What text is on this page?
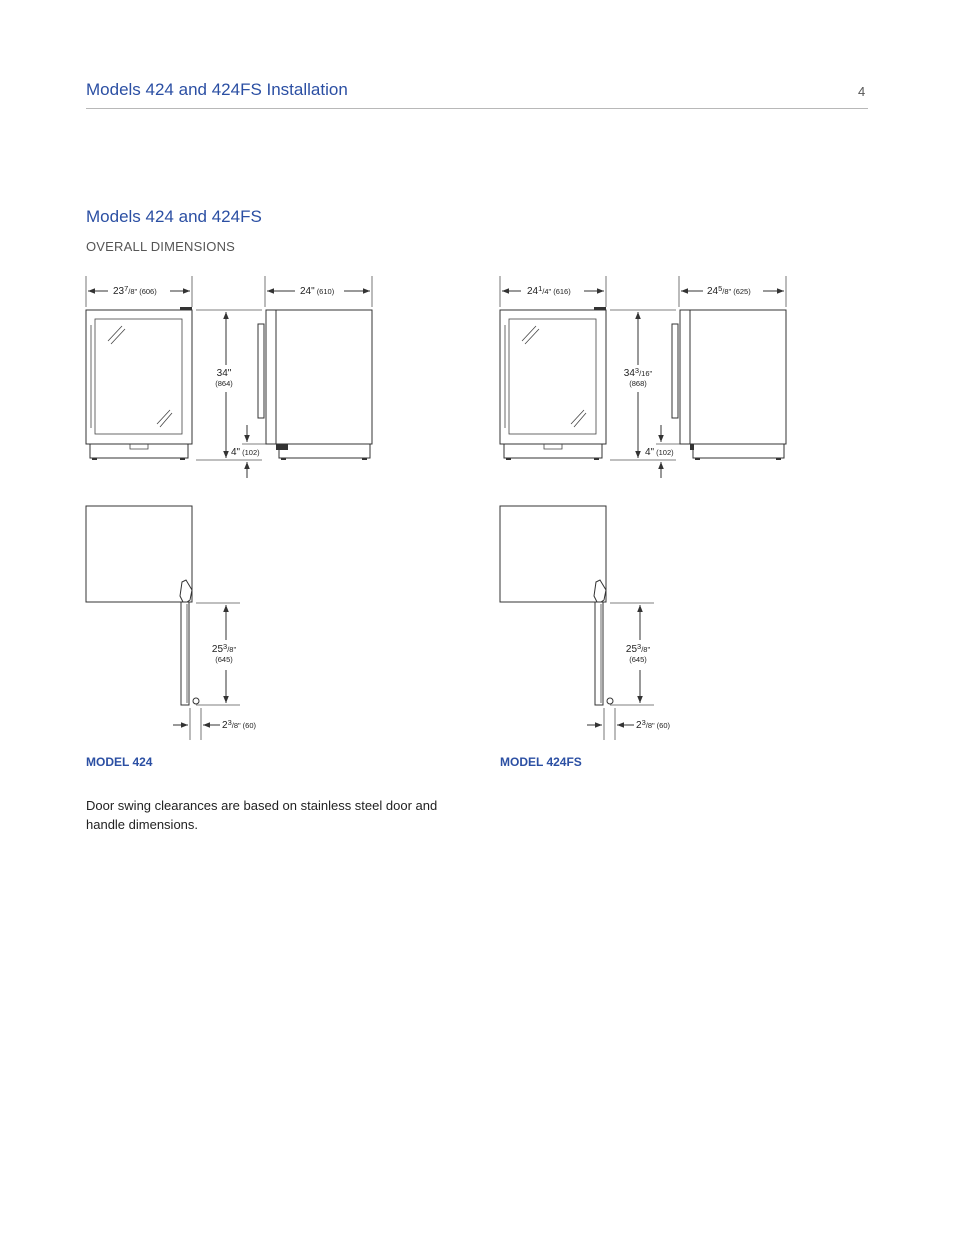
Models 424 and 424FS Installation	4
Models 424 and 424FS
OVERALL DIMENSIONS
237/8" (606)
34"
(864)
4" (102)
24" (610)
253/8"
(645)
23/8" (60)
241/4" (616)
343/16"
(868)
4" (102)
245/8" (625)
253/8"
(645)
23/8" (60)
MODEL 424	MODEL 424FS
Door swing clearances are based on stainless steel door and handle dimensions.
